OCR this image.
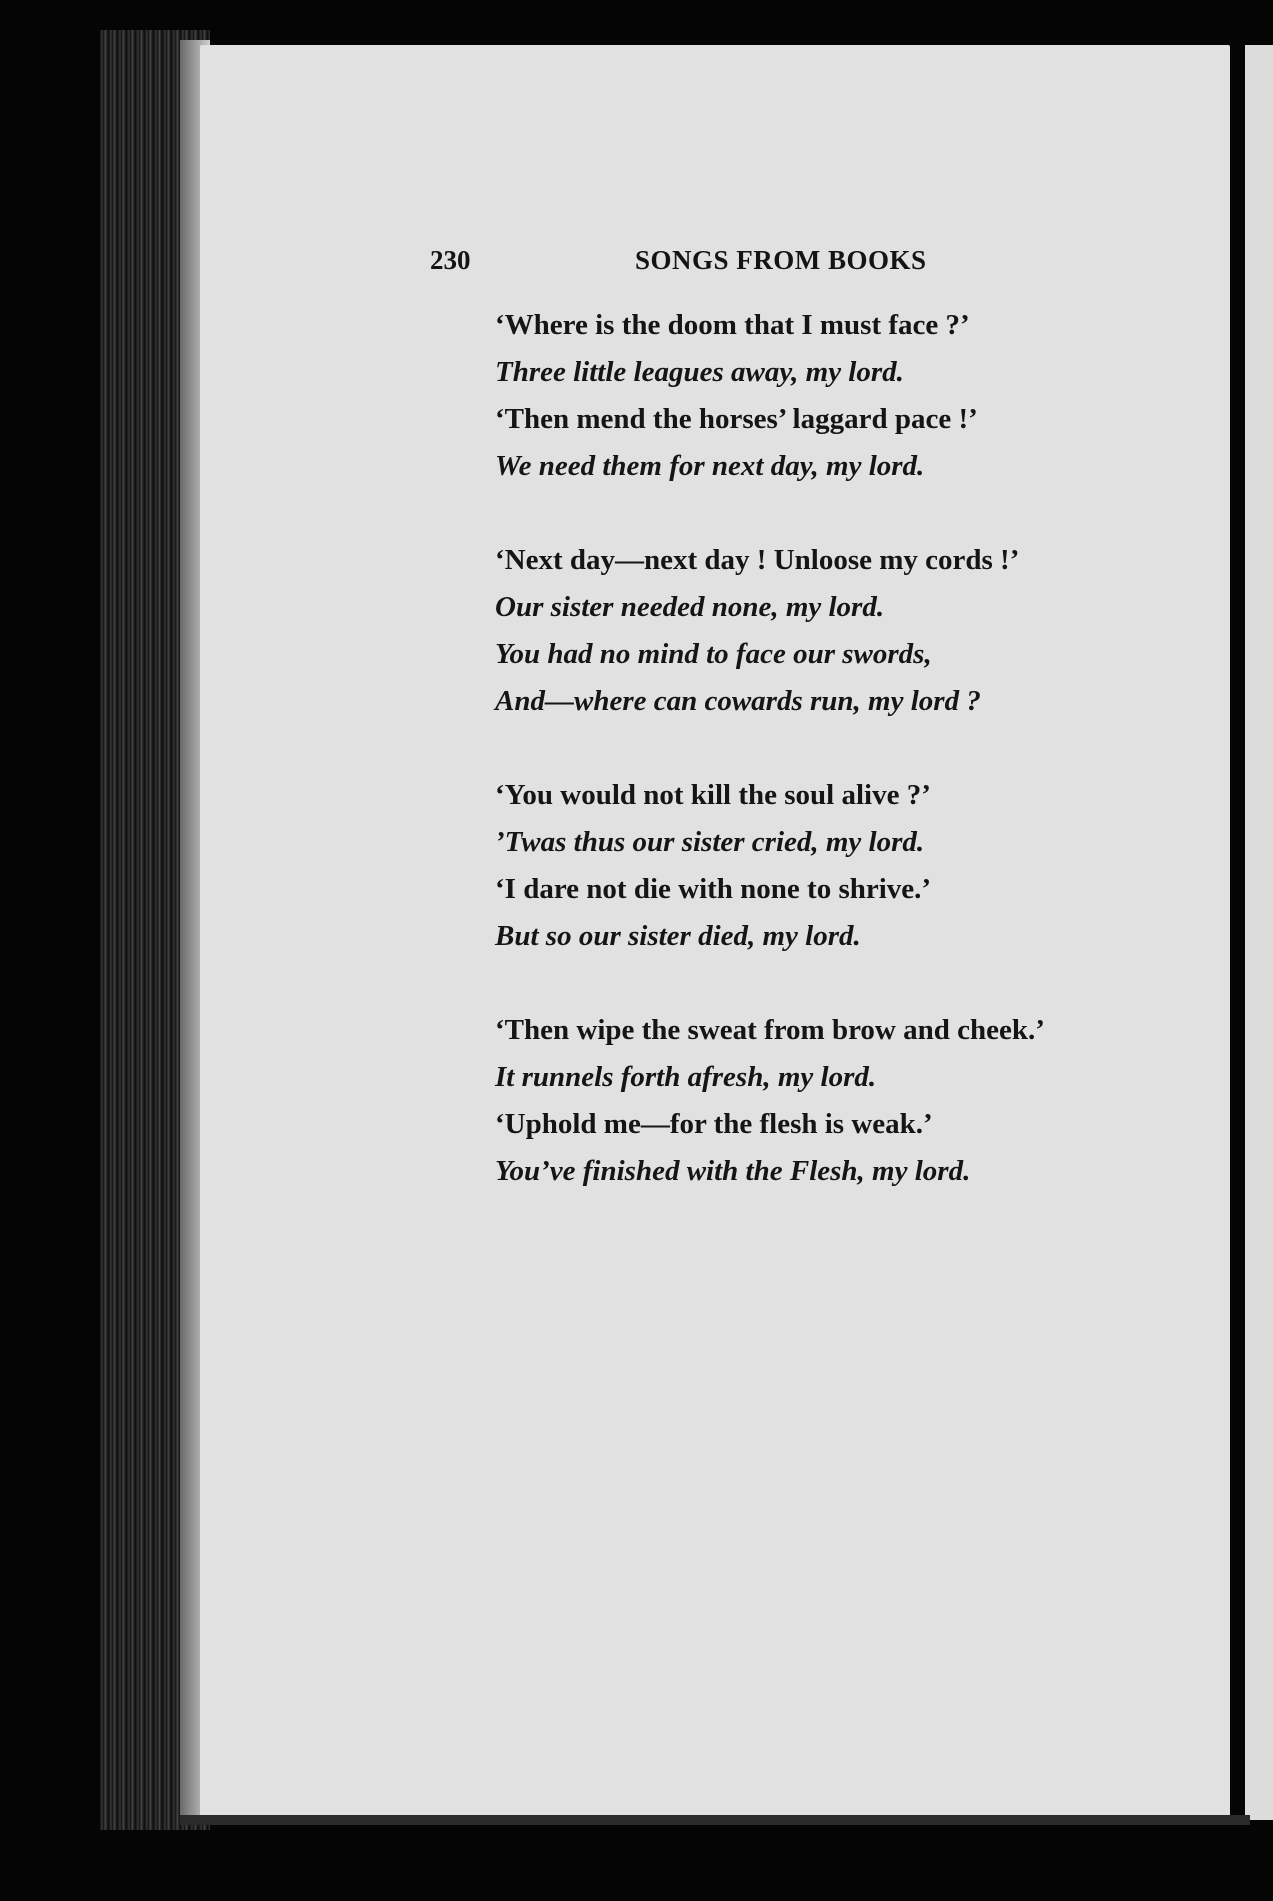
230	SONGS FROM BOOKS
‘Where is the doom that I must face ?’
Three little leagues away, my lord.
‘Then mend the horses’ laggard pace !’
We need them for next day, my lord.
‘Next day—next day ! Unloose my cords !’
Our sister needed none, my lord.
You had no mind to face our swords,
And—where can cowards run, my lord ?
‘You would not kill the soul alive ?’
’Twas thus our sister cried, my lord.
‘I dare not die with none to shrive.’
But so our sister died, my lord.
‘Then wipe the sweat from brow and cheek.’
It runnels forth afresh, my lord.
‘Uphold me—for the flesh is weak.’
You’ve finished with the Flesh, my lord.
